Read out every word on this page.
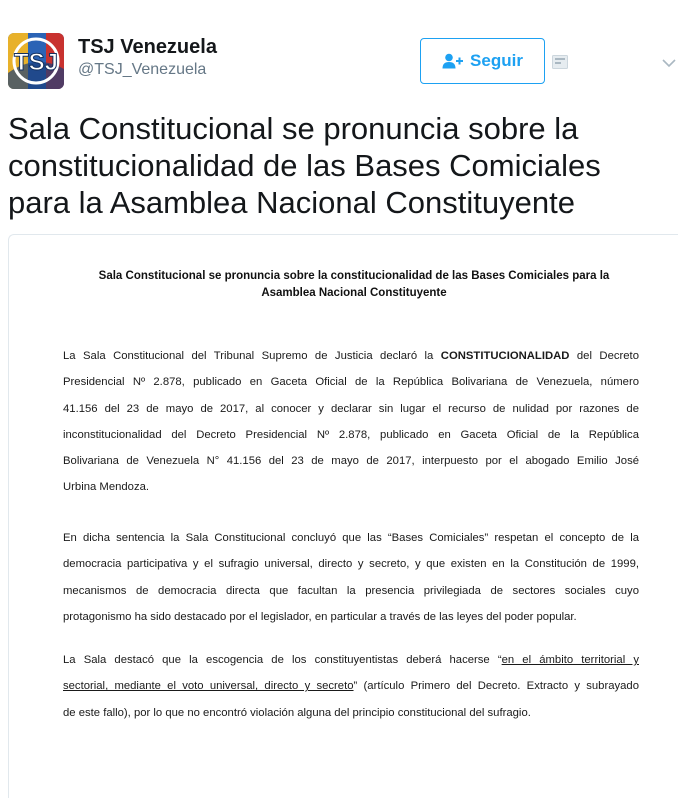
TSJ
TSJ Venezuela
@TSJ_Venezuela	Seguir
Sala Constitucional se pronuncia sobre la
constitucionalidad de las Bases Comiciales
para la Asamblea Nacional Constituyente
Sala Constitucional se pronuncia sobre la constitucionalidad de las Bases Comiciales para la
Asamblea Nacional Constituyente
La Sala Constitucional del Tribunal Supremo de Justicia declaró la CONSTITUCIONALIDAD del Decreto
Presidencial Nº 2.878, publicado en Gaceta Oficial de la República Bolivariana de Venezuela, número
41.156 del 23 de mayo de 2017, al conocer y declarar sin lugar el recurso de nulidad por razones de
inconstitucionalidad del Decreto Presidencial Nº 2.878, publicado en Gaceta Oficial de la República
Bolivariana de Venezuela N° 41.156 del 23 de mayo de 2017, interpuesto por el abogado Emilio José
Urbina Mendoza.
En dicha sentencia la Sala Constitucional concluyó que las “Bases Comiciales” respetan el concepto de la
democracia participativa y el sufragio universal, directo y secreto, y que existen en la Constitución de 1999,
mecanismos de democracia directa que facultan la presencia privilegiada de sectores sociales cuyo
protagonismo ha sido destacado por el legislador, en particular a través de las leyes del poder popular.
La Sala destacó que la escogencia de los constituyentistas deberá hacerse “en el ámbito territorial y
sectorial, mediante el voto universal, directo y secreto” (artículo Primero del Decreto. Extracto y subrayado
de este fallo), por lo que no encontró violación alguna del principio constitucional del sufragio.
